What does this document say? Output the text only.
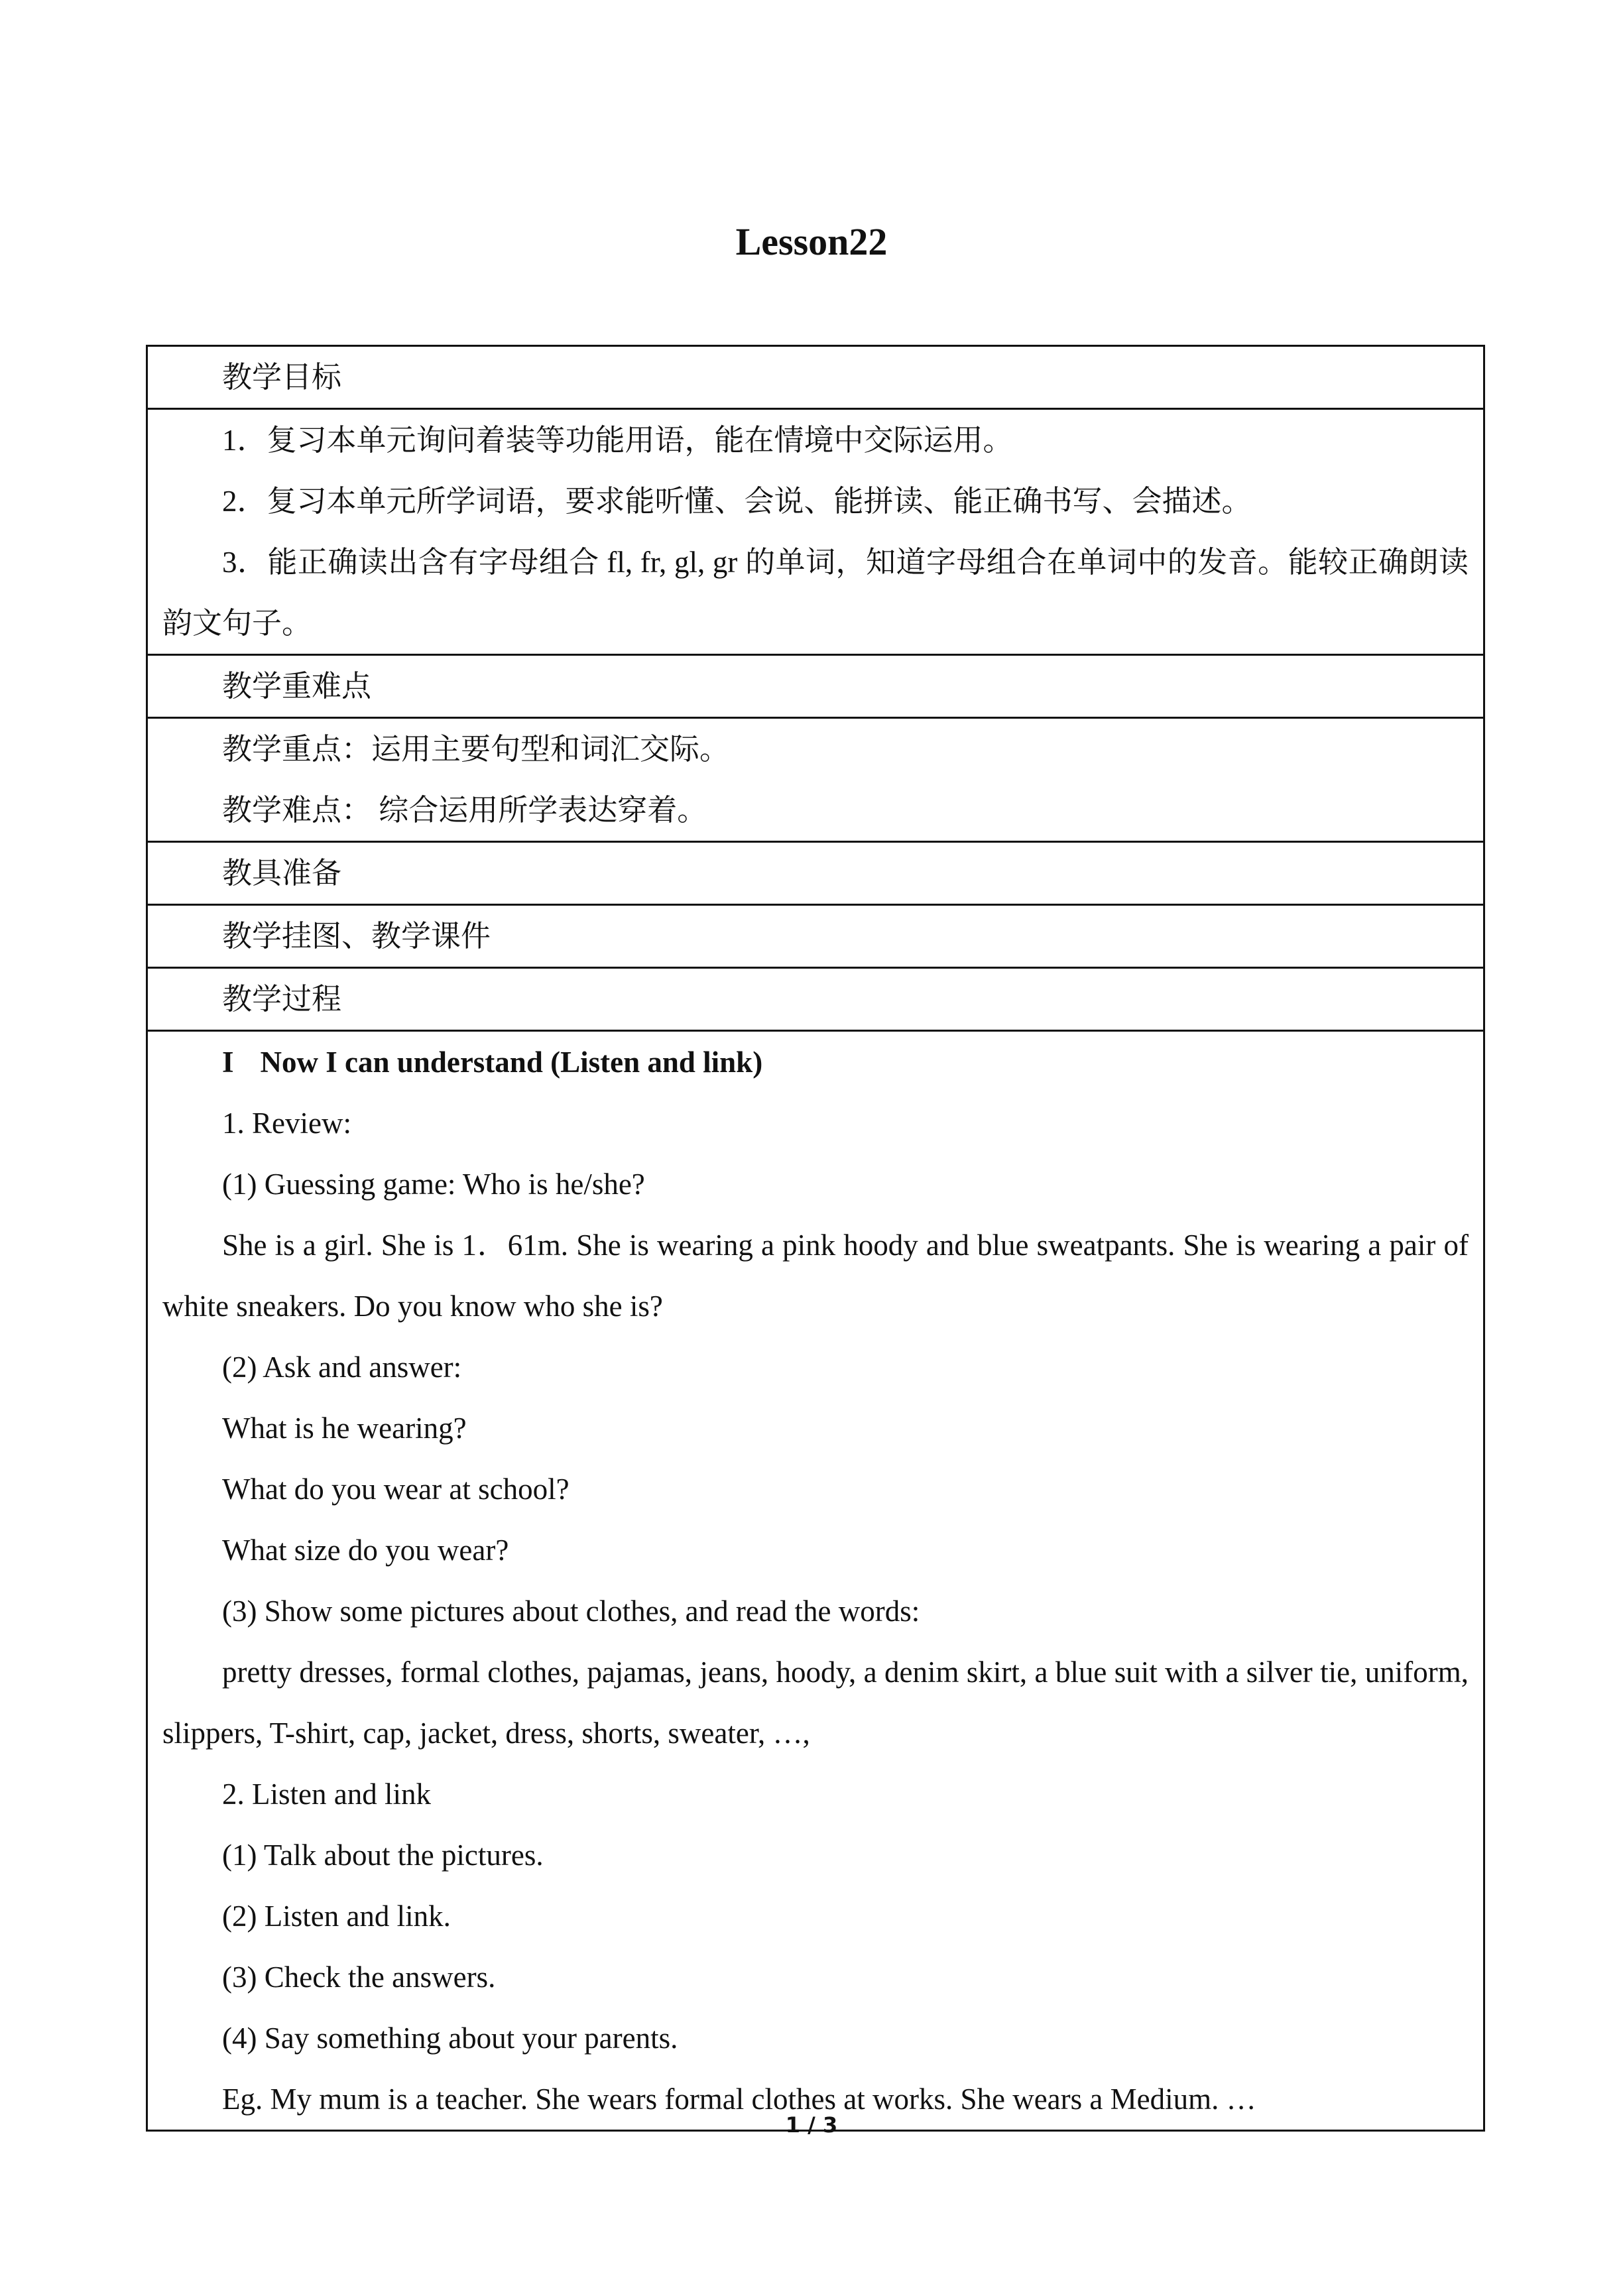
Lesson22
教学目标

1．复习本单元询问着装等功能用语，能在情境中交际运用。
2．复习本单元所学词语，要求能听懂、会说、能拼读、能正确书写、会描述。
3．能正确读出含有字母组合 fl, fr, gl, gr 的单词，知道字母组合在单词中的发音。能较正确朗读韵文句子。

教学重难点

教学重点：运用主要句型和词汇交际。
教学难点： 综合运用所学表达穿着。

教具准备

教学挂图、教学课件

教学过程

I Now I can understand (Listen and link)
1. Review:
(1) Guessing game: Who is he/she?
She is a girl. She is 1．61m. She is wearing a pink hoody and blue sweatpants. She is wearing a pair of white sneakers. Do you know who she is?
(2) Ask and answer:
What is he wearing?
What do you wear at school?
What size do you wear?
(3) Show some pictures about clothes, and read the words:
pretty dresses, formal clothes, pajamas, jeans, hoody, a denim skirt, a blue suit with a silver tie, uniform, slippers, T-shirt, cap, jacket, dress, shorts, sweater, …,
2. Listen and link
(1) Talk about the pictures.
(2) Listen and link.
(3) Check the answers.
(4) Say something about your parents.
Eg. My mum is a teacher. She wears formal clothes at works. She wears a Medium. …
1 / 3
